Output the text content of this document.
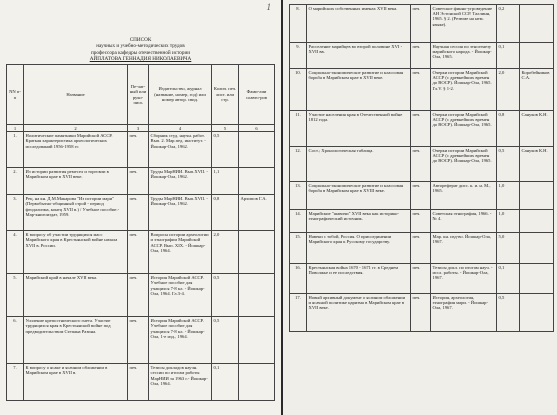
1
СПИСОК
научных и учебно-методических трудов
профессора кафедры отечественной истории
АЙПЛАТОВА ГЕННАДИЯ НИКОЛАЕВИЧА
NN п-п	Название	Пе-чат-ный или руко-пись	Издательство, журнал (название, номер, год) или номер автор. свид.	Колич. печ. лист. или стр.	Фами-лии соавто-ров
1	2	3	4	5	6
1.	Нолитические памятники Марийской АССР. Краткая характеристика археологических исследований 1956-1958 гг.	печ.	Сборник студ. научн. работ. Вып. 2. Мар.пед. институт. - Йошкар-Ола, 1962.	0,5	
2.	Из истории развития ремесел и торговли в Марийском крае в XVII веке.	печ.	Труды МарНИИ. Вып.XVII. - Йошкар-Ола, 1962.	1,1	
3.	Рец. на кн. Д.М.Макарова "Из истории мари"(Первобытно-общинный строй - период феодализма, конец XVII в.) / Учебное пособие.- Мар-книгоиздат, 1959.	печ.	Труды МарНИИ. Вып.XVII. - Йошкар-Ола, 1962.	0,8	Архипов Г.А.
4.	К вопросу об участии трудящихся масс Марийского края в Крестьянской войне начала XVII в. России.	печ.	Вопросы истории археологии и этнографии Марийской АССР. Вып. XIX. - Йошкар-Ола, 1964.	2,0	
5.	Марийский край в начале XVII века.	печ.	История Марийской АССР. Учебное пособие для учащихся 7-8 кл. - Йошкар-Ола, 1964. Гл.3-4.	0,5	
6.	Усиление крепостнического гнета. Участие трудящихся края в Крестьянской войне под предводительством Степана Разина.	печ.	История Марийской АССР. Учебное пособие для учащихся 7-8 кл. - Йошкар-Ола, 1-е изд., 1964.	0,5	
7.	К вопросу о ясаке и ясачном обложении в Марийском крае в XVII в.	печ.	Тезисы докладов научн. сессии по итогам работы МарНИИ за 1963 г.- Йошкар-Ола, 1964.	0,1	
8.	О марийских собственных именах XVII века.	печ.	Советское финно-угроведение АН Эстонской ССР. Таллинн, 1965. § 2. (Резюме на нем. языке).	0,2	
9.	Расселение марийцев во второй половине XVI - XVII вв.	печ.	Научная сессия по этногенезу марийского народа. - Йошкар-Ола, 1965.	0,1	
10.	Социально-экономическое развитие и классовая борьба в Марийском крае в XVII веке.	печ.	Очерки истории Марийской АССР (с древнейших времен до ВОСР). Йошкар-Ола, 1965. Гл.V. § 1-2.	2,0	Коробейников С.А.
11.	Участие населения края в Отечественной войне 1812 года.	печ.	Очерки истории Марийской АССР (с древнейших времен до ВОСР). Йошкар-Ола, 1965.	0,8	Сануков К.Н.
12.	Сост.; Хронологическая таблица.	печ.	Очерки истории Марийской АССР (с древнейших времен до ВОСР). Йошкар-Ола, 1965.	0,5	Сануков К.Н.
13.	Социально-экономическое развитие и классовая борьба в Марийском крае в XVIII веке.	печ.	Автореферат дисс. к. и. н. М., 1965.	1,0	
14.	Марийские "шавичи" XVII века как историко-этнографический источник.	печ.	Советская этнография, 1966. - № 4.	1,0	
15.	Навеки с тобой, Россия. О присоединении Марийского края к Русскому государству.	печ.	Мар. кн. изд-во. Йошкар-Ола, 1967.	5,0	
16.	Крестьянская война 1670 - 1671 гг. в Среднем Поволжье и ее последствия.	печ.	Тезисы докл. по итогам науч. - иссл. работы. - Йошкар-Ола, 1967.	0,1	
17.	Новый архивный документ о ясачном обложении и ясачной политике царизма в Марийском крае в XVII веке.	печ.	История, археология, этнография мари. - Йошкар-Ола, 1967.	0,5	
